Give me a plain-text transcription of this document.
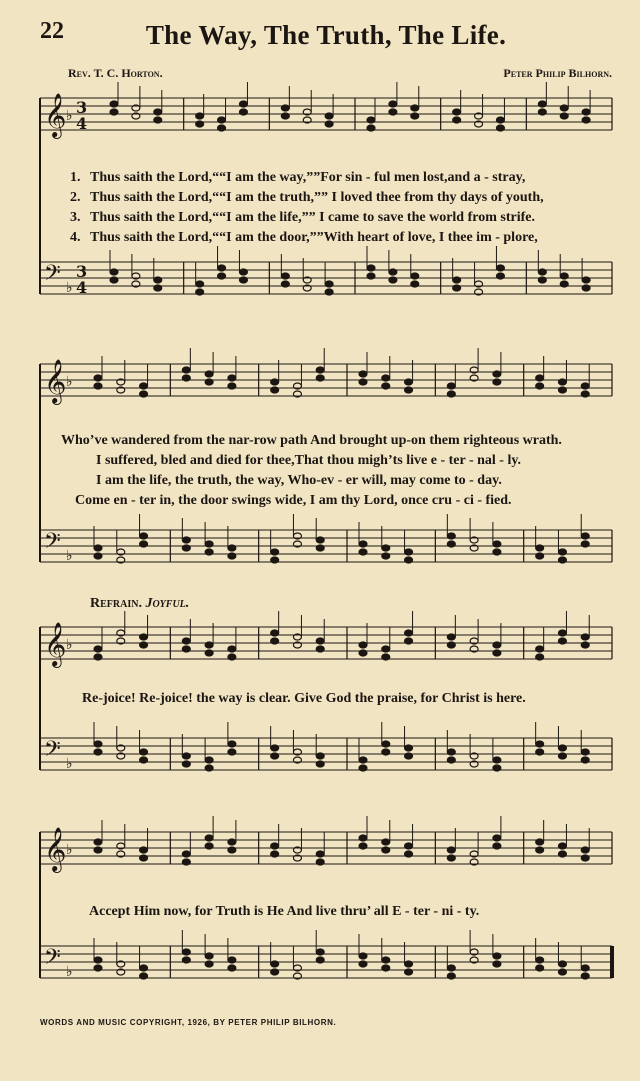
22	The Way, The Truth, The Life.
Rev. T. C. Horton.	Peter Philip Bilhorn.
𝄞 ♭ 3
4
𝄢 ♭
3
4
𝄞 ♭
𝄢 ♭
𝄞 ♭
𝄢 ♭
𝄞 ♭
𝄢 ♭
1. Thus saith the Lord,““I am the way,””For sin - ful men lost,and a - stray,
2. Thus saith the Lord,““I am the truth,”” I loved thee from thy days of youth,
3. Thus saith the Lord,““I am the life,”” I came to save the world from strife.
4. Thus saith the Lord,““I am the door,””With heart of love, I thee im - plore,
Who’ve wandered from the nar-row path And brought up-on them righteous wrath.
I suffered, bled and died for thee,That thou migh’ts live e - ter - nal - ly.
I am the life, the truth, the way, Who-ev - er will, may come to - day.
Come en - ter in, the door swings wide, I am thy Lord, once cru - ci - fied.
Refrain. Joyful.
Re-joice! Re-joice! the way is clear. Give God the praise, for Christ is here.
Accept Him now, for Truth is He And live thru’ all E - ter - ni - ty.
WORDS AND MUSIC COPYRIGHT, 1926, BY PETER PHILIP BILHORN.
